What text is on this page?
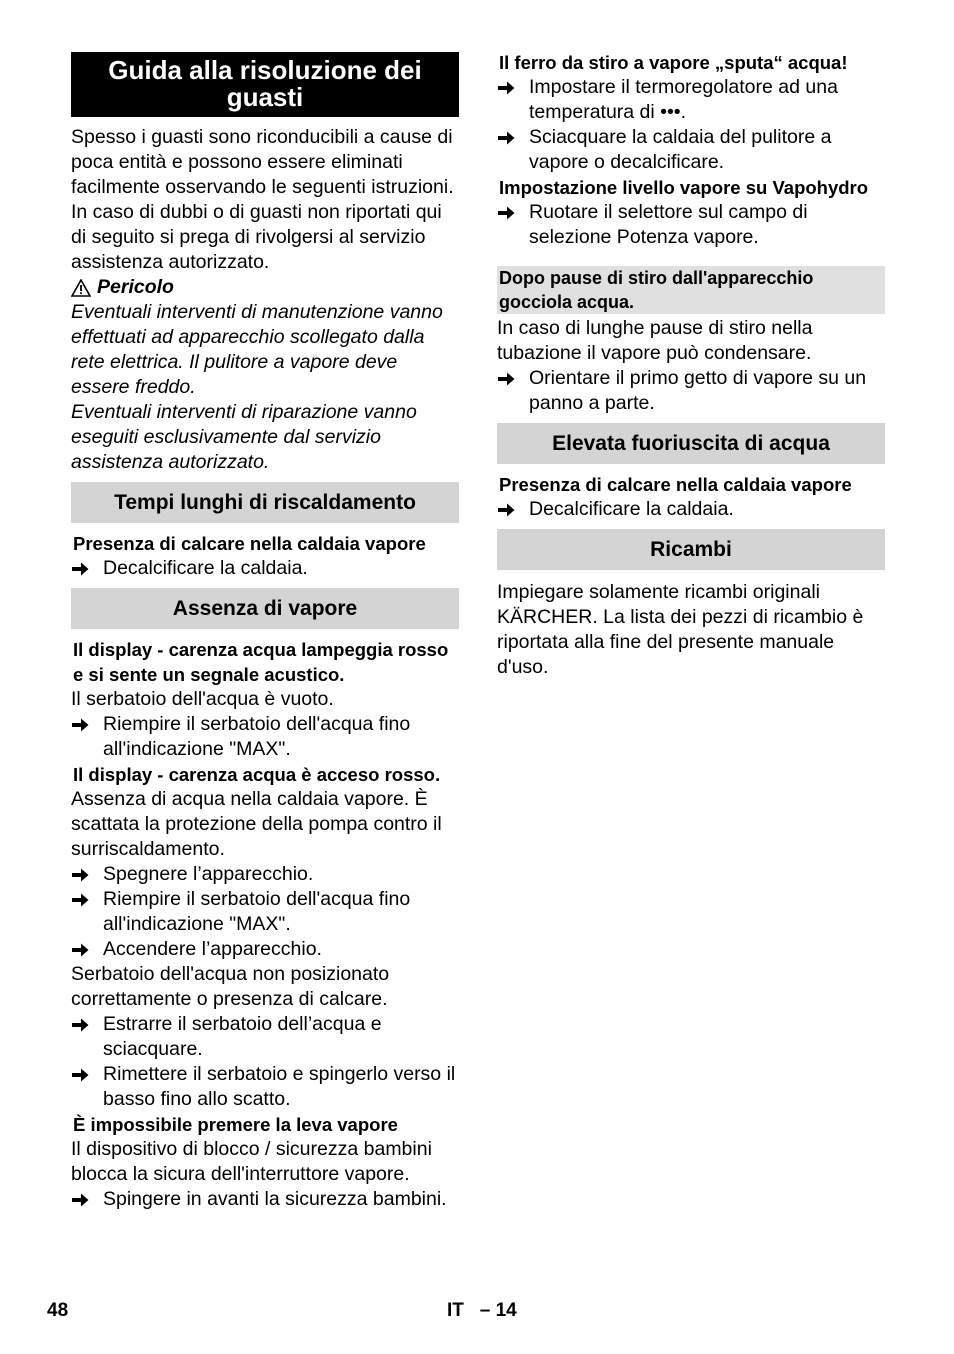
Guida alla risoluzione dei guasti

Spesso i guasti sono riconducibili a cause di poca entità e possono essere eliminati facilmente osservando le seguenti istruzioni. In caso di dubbi o di guasti non riportati qui di seguito si prega di rivolgersi al servizio assistenza autorizzato.

Pericolo

Eventuali interventi di manutenzione vanno effettuati ad apparecchio scollegato dalla rete elettrica. Il pulitore a vapore deve essere freddo.

Eventuali interventi di riparazione vanno eseguiti esclusivamente dal servizio assistenza autorizzato.

Tempi lunghi di riscaldamento

Presenza di calcare nella caldaia vapore

Decalcificare la caldaia.
Assenza di vapore

Il display - carenza acqua lampeggia rosso e si sente un segnale acustico.

Il serbatoio dell'acqua è vuoto.

Riempire il serbatoio dell'acqua fino all'indicazione "MAX".

Il display - carenza acqua è acceso rosso.

Assenza di acqua nella caldaia vapore. È scattata la protezione della pompa contro il surriscaldamento.

Spegnere l’apparecchio.
Riempire il serbatoio dell'acqua fino all'indicazione "MAX".
Accendere l’apparecchio.

Serbatoio dell'acqua non posizionato correttamente o presenza di calcare.

Estrarre il serbatoio dell’acqua e sciacquare.
Rimettere il serbatoio e spingerlo verso il basso fino allo scatto.

È impossibile premere la leva vapore

Il dispositivo di blocco / sicurezza bambini blocca la sicura dell'interruttore vapore.

Spingere in avanti la sicurezza bambini.

Il ferro da stiro a vapore „sputa“ acqua!

Impostare il termoregolatore ad una temperatura di •••.
Sciacquare la caldaia del pulitore a vapore o decalcificare.

Impostazione livello vapore su Vapohydro

Ruotare il selettore sul campo di selezione Potenza vapore.
Dopo pause di stiro dall'apparecchio gocciola acqua.

In caso di lunghe pause di stiro nella tubazione il vapore può condensare.

Orientare il primo getto di vapore su un panno a parte.
Elevata fuoriuscita di acqua

Presenza di calcare nella caldaia vapore

Decalcificare la caldaia.
Ricambi

Impiegare solamente ricambi originali KÄRCHER. La lista dei pezzi di ricambio è riportata alla fine del presente manuale d'uso.

48	IT   – 14
